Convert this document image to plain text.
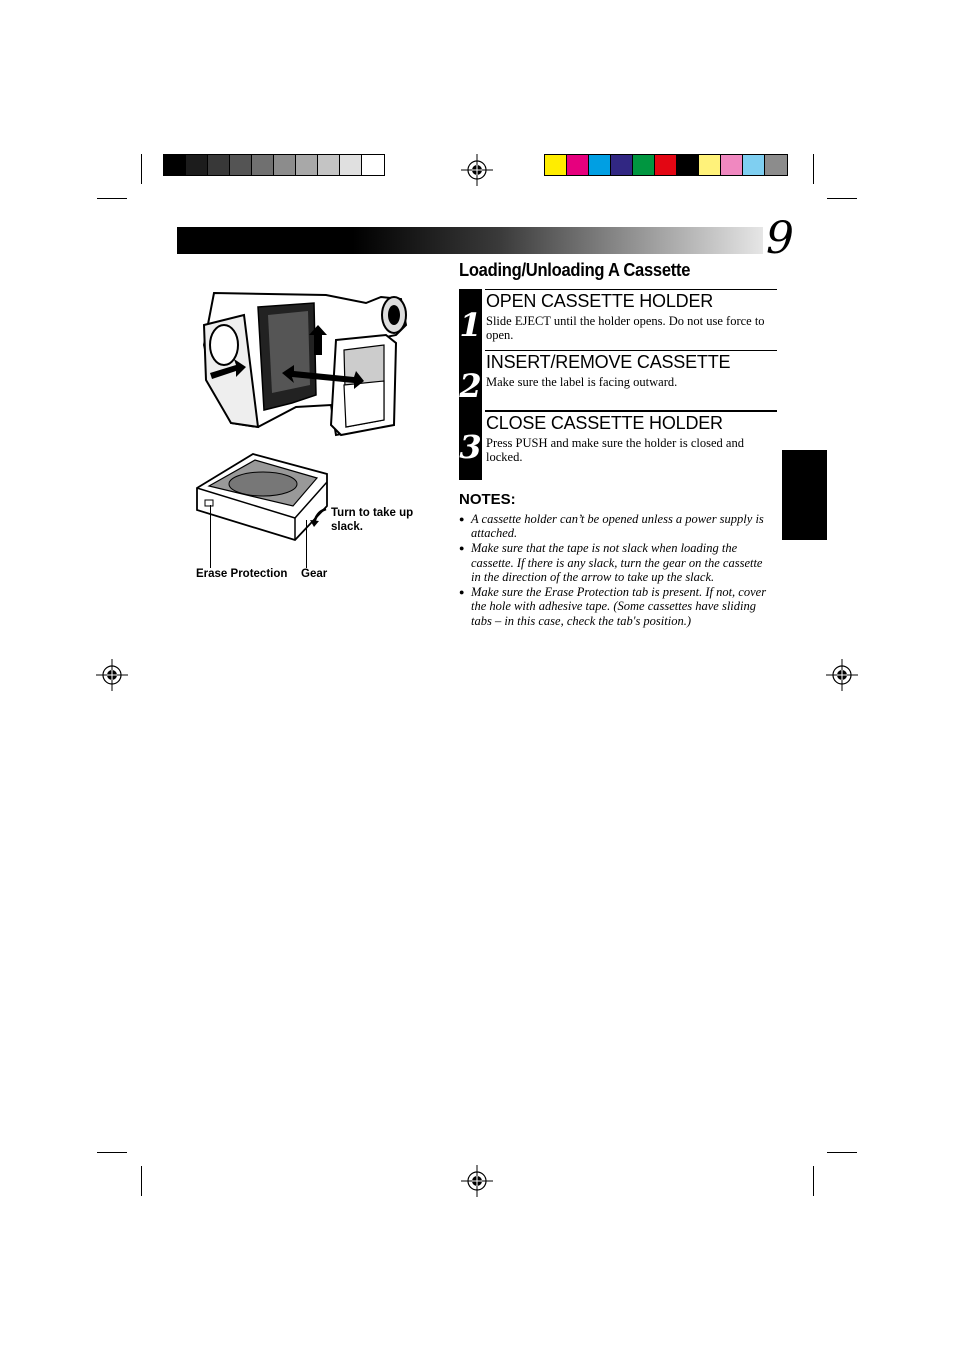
9
Loading/Unloading A Cassette
Turn to take up slack.
Erase Protection Gear
1
OPEN CASSETTE HOLDER
Slide EJECT until the holder opens. Do not use force to open.
2
INSERT/REMOVE CASSETTE
Make sure the label is facing outward.
3
CLOSE CASSETTE HOLDER
Press PUSH and make sure the holder is closed and locked.
NOTES:
● A cassette holder can’t be opened unless a power supply is attached.
● Make sure that the tape is not slack when loading the cassette. If there is any slack, turn the gear on the cassette in the direction of the arrow to take up the slack.
● Make sure the Erase Protection tab is present. If not, cover the hole with adhesive tape. (Some cassettes have sliding tabs – in this case, check the tab's position.)
